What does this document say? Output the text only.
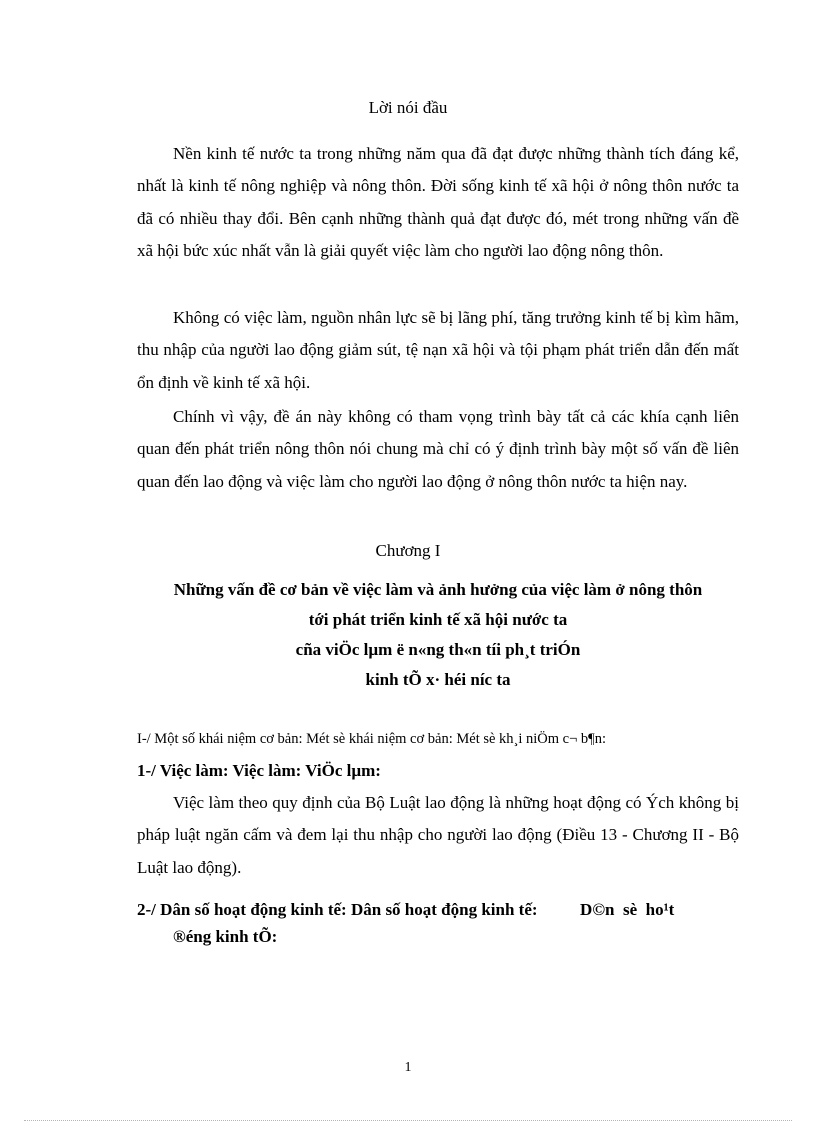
Lời nói đầu

Nền kinh tế nước ta trong những năm qua đã đạt được những thành tích đáng kể, nhất là kinh tế nông nghiệp và nông thôn. Đời sống kinh tế xã hội ở nông thôn nước ta đã có nhiều thay đổi. Bên cạnh những thành quả đạt được đó, mét trong những vấn đề xã hội bức xúc nhất vẫn là giải quyết việc làm cho người lao động nông thôn.

Không có việc làm, nguồn nhân lực sẽ bị lãng phí, tăng trưởng kinh tế bị kìm hãm, thu nhập của người lao động giảm sút, tệ nạn xã hội và tội phạm phát triển dẫn đến mất ổn định về kinh tế xã hội.

Chính vì vậy, đề án này không có tham vọng trình bày tất cả các khía cạnh liên quan đến phát triển nông thôn nói chung mà chỉ có ý định trình bày một số vấn đề liên quan đến lao động và việc làm cho người lao động ở nông thôn nước ta hiện nay.

Chương I
Những vấn đề cơ bản về việc làm và ảnh hưởng của việc làm ở nông thôn
tới phát triển kinh tế xã hội nước ta
cña viÖc lµm ë n«ng th«n tíi ph¸t triÓn
kinh tÕ x· héi níc ta
I-/ Một số khái niệm cơ bản: Mét sè khái niệm cơ bản: Mét sè kh¸i niÖm c¬ b¶n:
1-/ Việc làm: Việc làm: ViÖc lµm:

Việc làm theo quy định của Bộ Luật lao động là những hoạt động có Ých không bị pháp luật ngăn cấm và đem lại thu nhập cho người lao động (Điều 13 - Chương II - Bộ Luật lao động).

2-/ Dân số hoạt động kinh tế: Dân số hoạt động kinh tế:          D©n  sè  ho¹t
®éng kinh tÕ:
1
